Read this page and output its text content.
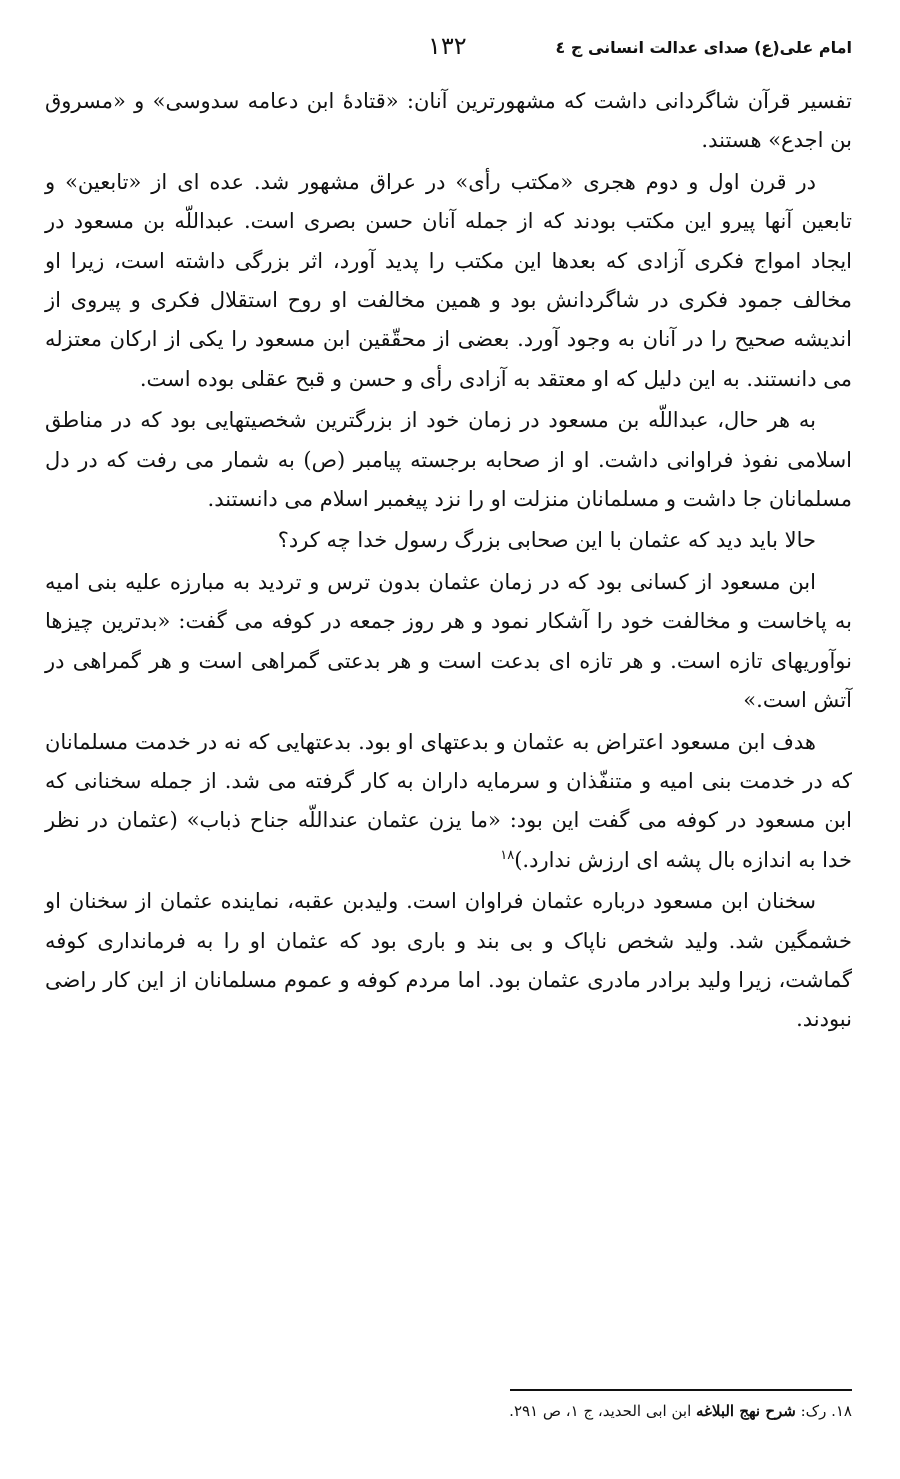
امام علی(ع) صدای عدالت انسانی ج ٤
۱۳۲

تفسیر قرآن شاگردانی داشت که مشهورترین آنان: «قتادۀ ابن دعامه سدوسی» و «مسروق بن اجدع» هستند.

در قرن اول و دوم هجری «مکتب رأی» در عراق مشهور شد. عده ای از «تابعین» و تابعین آنها پیرو این مکتب بودند که از جمله آنان حسن بصری است. عبداللّه بن مسعود در ایجاد امواج فکری آزادی که بعدها این مکتب را پدید آورد، اثر بزرگی داشته است، زیرا او مخالف جمود فکری در شاگردانش بود و همین مخالفت او روح استقلال فکری و پیروی از اندیشه صحیح را در آنان به وجود آورد. بعضی از محقّقین ابن مسعود را یکی از ارکان معتزله می دانستند. به این دلیل که او معتقد به آزادی رأی و حسن و قبح عقلی بوده است.

به هر حال، عبداللّه بن مسعود در زمان خود از بزرگترین شخصیتهایی بود که در مناطق اسلامی نفوذ فراوانی داشت. او از صحابه برجسته پیامبر (ص) به شمار می رفت که در دل مسلمانان جا داشت و مسلمانان منزلت او را نزد پیغمبر اسلام می دانستند.

حالا باید دید که عثمان با این صحابی بزرگ رسول خدا چه کرد؟

ابن مسعود از کسانی بود که در زمان عثمان بدون ترس و تردید به مبارزه علیه بنی امیه به پاخاست و مخالفت خود را آشکار نمود و هر روز جمعه در کوفه می گفت: «بدترین چیزها نوآوریهای تازه است. و هر تازه ای بدعت است و هر بدعتی گمراهی است و هر گمراهی در آتش است.»

هدف ابن مسعود اعتراض به عثمان و بدعتهای او بود. بدعتهایی که نه در خدمت مسلمانان که در خدمت بنی امیه و متنفّذان و سرمایه داران به کار گرفته می شد. از جمله سخنانی که ابن مسعود در کوفه می گفت این بود: «ما یزن عثمان عنداللّه جناح ذباب» (عثمان در نظر خدا به اندازه بال پشه ای ارزش ندارد.)$^{۱۸}$

سخنان ابن مسعود درباره عثمان فراوان است. ولیدبن عقبه، نماینده عثمان از سخنان او خشمگین شد. ولید شخص ناپاک و بی بند و باری بود که عثمان او را به فرمانداری کوفه گماشت، زیرا ولید برادر مادری عثمان بود. اما مردم کوفه و عموم مسلمانان از این کار راضی نبودند.

۱۸. رک: شرح نهج البلاغه ابن ابی الحدید، ج ۱، ص ۲۹۱.
